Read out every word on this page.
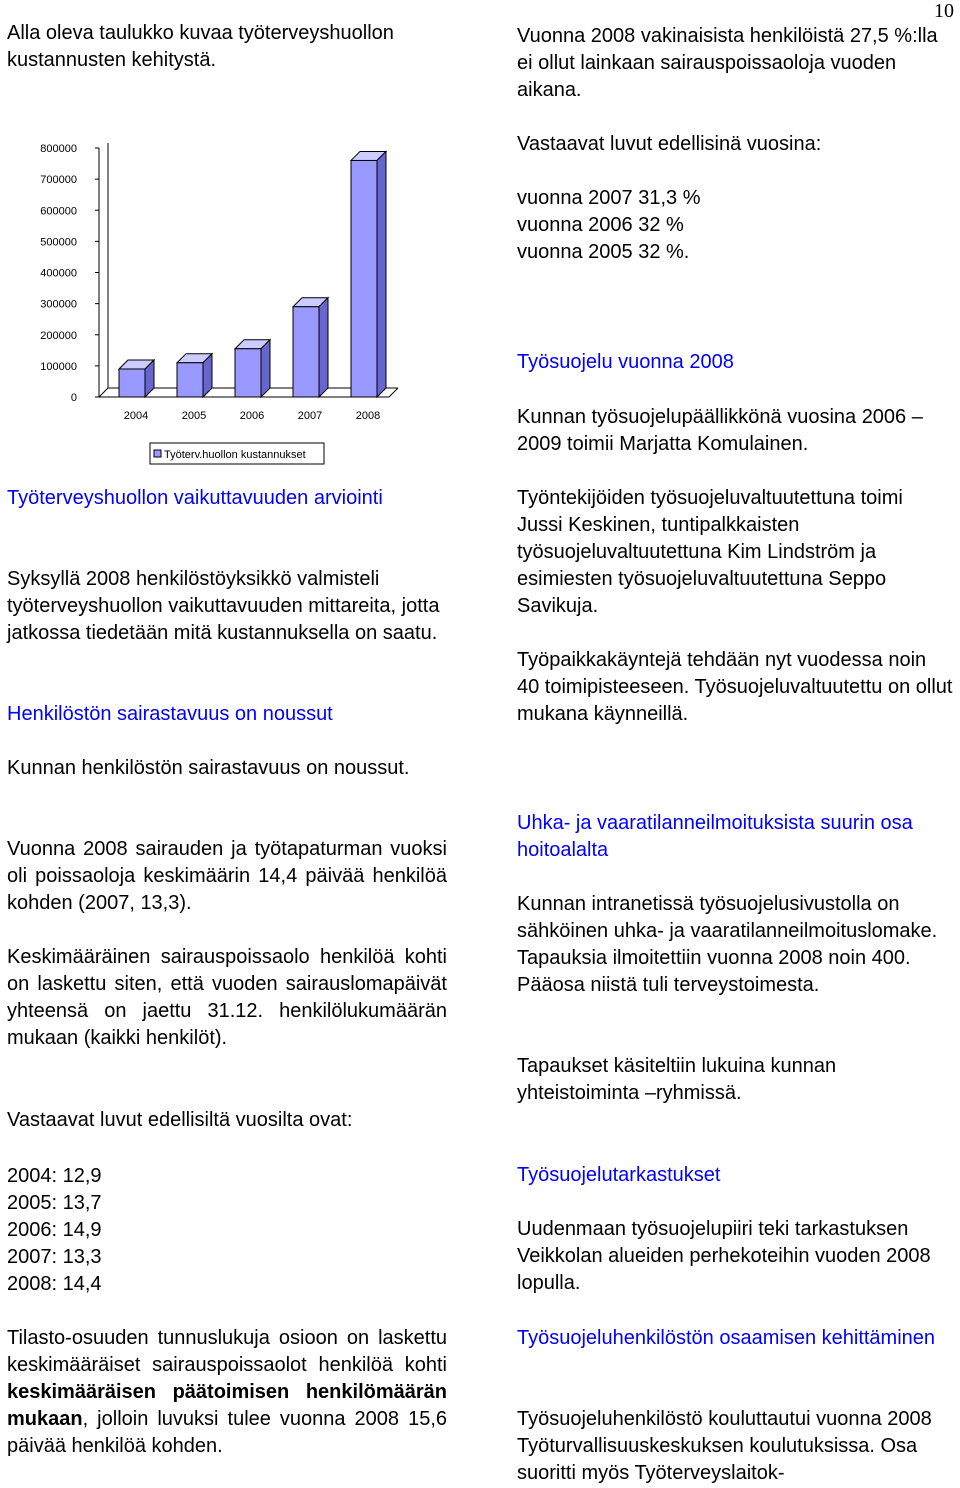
10

Alla oleva taulukko kuvaa työterveyshuollon kustannusten kehitystä.

0
100000
200000
300000
400000
500000
600000
700000
800000
2004	2005	2006	2007	2008
Työterv.huollon kustannukset

Työterveyshuollon vaikuttavuuden arviointi

Syksyllä 2008 henkilöstöyksikkö valmisteli työterveyshuollon vaikuttavuuden mittareita, jotta jatkossa tiedetään mitä kustannuksella on saatu.

Henkilöstön sairastavuus on noussut

Kunnan henkilöstön sairastavuus on noussut.

Vuonna 2008 sairauden ja työtapaturman vuoksi oli poissaoloja keskimäärin 14,4 päivää henkilöä kohden (2007, 13,3).

Keskimääräinen sairauspoissaolo henkilöä kohti on laskettu siten, että vuoden sairauslomapäivät yhteensä on jaettu 31.12. henkilölukumäärän mukaan (kaikki henkilöt).

Vastaavat luvut edellisiltä vuosilta ovat:

2004: 12,9
2005: 13,7
2006: 14,9
2007: 13,3
2008: 14,4

Tilasto-osuuden tunnuslukuja osioon on laskettu keskimääräiset sairauspoissaolot henkilöä kohti keskimääräisen päätoimisen henkilömäärän mukaan, jolloin luvuksi tulee vuonna 2008 15,6 päivää henkilöä kohden.

Vuonna 2008 vakinaisista henkilöistä 27,5 %:lla ei ollut lainkaan sairauspoissaoloja vuoden aikana.

Vastaavat luvut edellisinä vuosina:

vuonna 2007 31,3 %
vuonna 2006 32 %
vuonna 2005 32 %.

Työsuojelu vuonna 2008

Kunnan työsuojelupäällikkönä vuosina 2006 – 2009 toimii Marjatta Komulainen.

Työntekijöiden työsuojeluvaltuutettuna toimi Jussi Keskinen, tuntipalkkaisten työsuojeluvaltuutettuna Kim Lindström ja esimiesten työsuojeluvaltuutettuna Seppo Savikuja.

Työpaikkakäyntejä tehdään nyt vuodessa noin 40 toimipisteeseen. Työsuojeluvaltuutettu on ollut mukana käynneillä.

Uhka- ja vaaratilanneilmoituksista suurin osa hoitoalalta

Kunnan intranetissä työsuojelusivustolla on sähköinen uhka- ja vaaratilanneilmoituslomake. Tapauksia ilmoitettiin vuonna 2008 noin 400. Pääosa niistä tuli terveystoimesta.

Tapaukset käsiteltiin lukuina kunnan yhteistoiminta –ryhmissä.

Työsuojelutarkastukset

Uudenmaan työsuojelupiiri teki tarkastuksen Veikkolan alueiden perhekoteihin vuoden 2008 lopulla.

Työsuojeluhenkilöstön osaamisen kehittäminen

Työsuojeluhenkilöstö kouluttautui vuonna 2008 Työturvallisuuskeskuksen koulutuksissa. Osa suoritti myös Työterveyslaitok-
